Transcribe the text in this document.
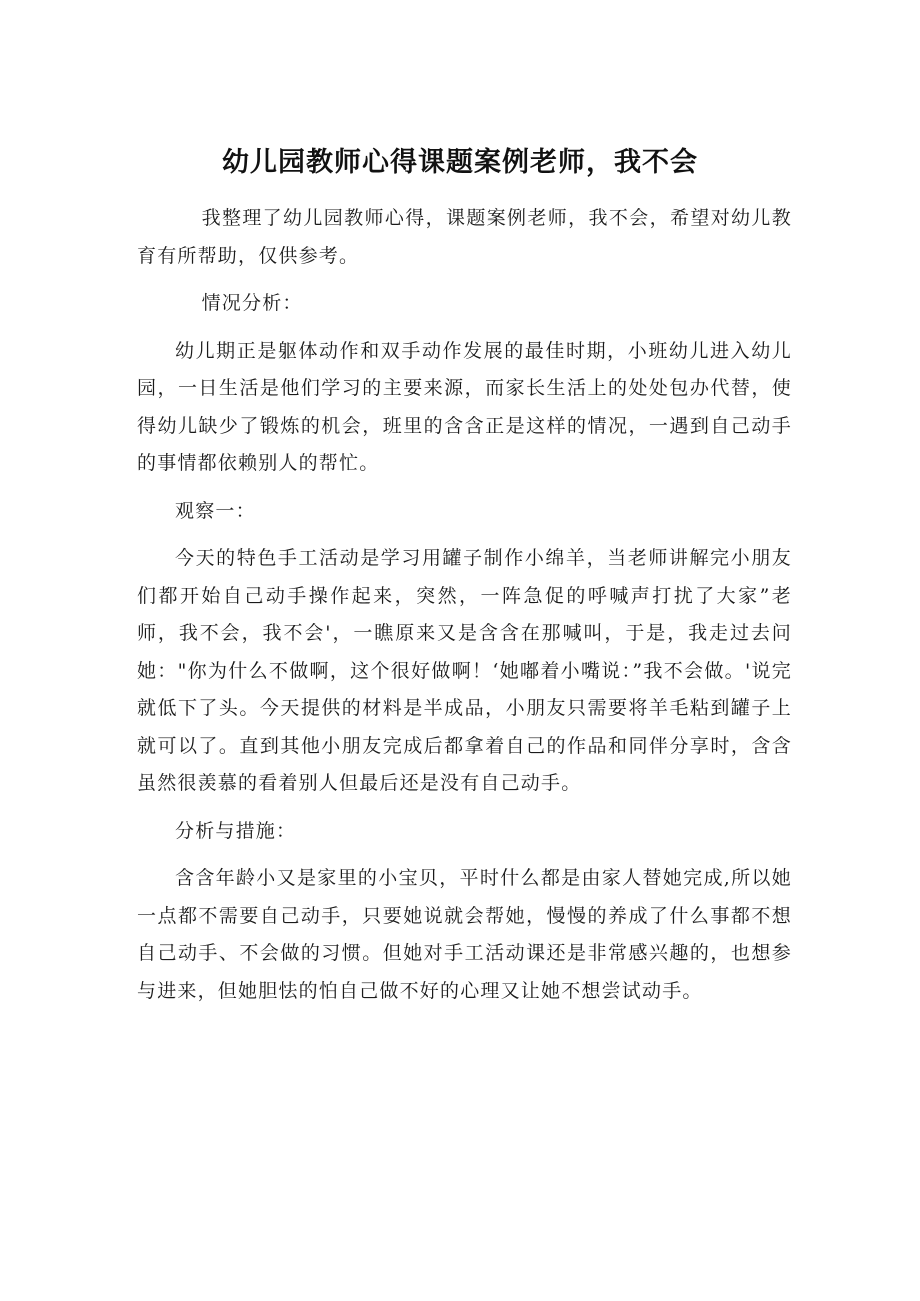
幼儿园教师心得课题案例老师，我不会

我整理了幼儿园教师心得，课题案例老师，我不会，希望对幼儿教育有所帮助，仅供参考。

情况分析：

幼儿期正是躯体动作和双手动作发展的最佳时期，小班幼儿进入幼儿园，一日生活是他们学习的主要来源，而家长生活上的处处包办代替，使得幼儿缺少了锻炼的机会，班里的含含正是这样的情况，一遇到自己动手的事情都依赖别人的帮忙。

观察一：

今天的特色手工活动是学习用罐子制作小绵羊，当老师讲解完小朋友们都开始自己动手操作起来，突然，一阵急促的呼喊声打扰了大家”老师，我不会，我不会'，一瞧原来又是含含在那喊叫，于是，我走过去问她："你为什么不做啊，这个很好做啊！‘她嘟着小嘴说：”我不会做。'说完就低下了头。今天提供的材料是半成品，小朋友只需要将羊毛粘到罐子上就可以了。直到其他小朋友完成后都拿着自己的作品和同伴分享时，含含虽然很羡慕的看着别人但最后还是没有自己动手。

分析与措施：

含含年龄小又是家里的小宝贝，平时什么都是由家人替她完成,所以她一点都不需要自己动手，只要她说就会帮她，慢慢的养成了什么事都不想自己动手、不会做的习惯。但她对手工活动课还是非常感兴趣的，也想参与进来，但她胆怯的怕自己做不好的心理又让她不想尝试动手。
